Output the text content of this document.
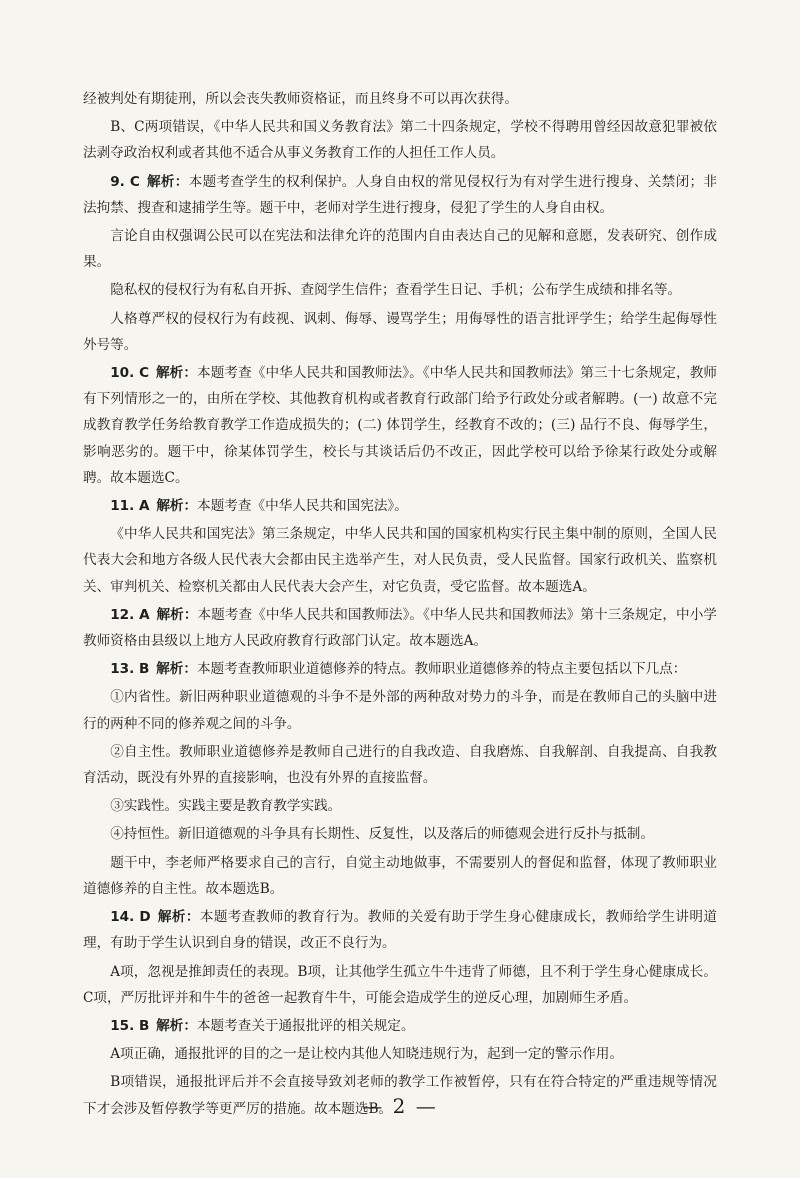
经被判处有期徒刑，所以会丧失教师资格证，而且终身不可以再次获得。

B、C两项错误，《中华人民共和国义务教育法》第二十四条规定，学校不得聘用曾经因故意犯罪被依法剥夺政治权利或者其他不适合从事义务教育工作的人担任工作人员。

9. C  解析：本题考查学生的权利保护。人身自由权的常见侵权行为有对学生进行搜身、关禁闭；非法拘禁、搜查和逮捕学生等。题干中，老师对学生进行搜身，侵犯了学生的人身自由权。

言论自由权强调公民可以在宪法和法律允许的范围内自由表达自己的见解和意愿，发表研究、创作成果。

隐私权的侵权行为有私自开拆、查阅学生信件；查看学生日记、手机；公布学生成绩和排名等。

人格尊严权的侵权行为有歧视、讽刺、侮辱、谩骂学生；用侮辱性的语言批评学生；给学生起侮辱性外号等。

10. C  解析：本题考查《中华人民共和国教师法》。《中华人民共和国教师法》第三十七条规定，教师有下列情形之一的，由所在学校、其他教育机构或者教育行政部门给予行政处分或者解聘。(一) 故意不完成教育教学任务给教育教学工作造成损失的；(二) 体罚学生，经教育不改的；(三) 品行不良、侮辱学生，影响恶劣的。题干中，徐某体罚学生，校长与其谈话后仍不改正，因此学校可以给予徐某行政处分或解聘。故本题选C。

11. A  解析：本题考查《中华人民共和国宪法》。

《中华人民共和国宪法》第三条规定，中华人民共和国的国家机构实行民主集中制的原则，全国人民代表大会和地方各级人民代表大会都由民主选举产生，对人民负责，受人民监督。国家行政机关、监察机关、审判机关、检察机关都由人民代表大会产生，对它负责，受它监督。故本题选A。

12. A  解析：本题考查《中华人民共和国教师法》。《中华人民共和国教师法》第十三条规定，中小学教师资格由县级以上地方人民政府教育行政部门认定。故本题选A。

13. B  解析：本题考查教师职业道德修养的特点。教师职业道德修养的特点主要包括以下几点：

①内省性。新旧两种职业道德观的斗争不是外部的两种敌对势力的斗争，而是在教师自己的头脑中进行的两种不同的修养观之间的斗争。

②自主性。教师职业道德修养是教师自己进行的自我改造、自我磨炼、自我解剖、自我提高、自我教育活动，既没有外界的直接影响，也没有外界的直接监督。

③实践性。实践主要是教育教学实践。

④持恒性。新旧道德观的斗争具有长期性、反复性，以及落后的师德观会进行反扑与抵制。

题干中，李老师严格要求自己的言行，自觉主动地做事，不需要别人的督促和监督，体现了教师职业道德修养的自主性。故本题选B。

14. D  解析：本题考查教师的教育行为。教师的关爱有助于学生身心健康成长，教师给学生讲明道理，有助于学生认识到自身的错误，改正不良行为。

A项，忽视是推卸责任的表现。B项，让其他学生孤立牛牛违背了师德，且不利于学生身心健康成长。C项，严厉批评并和牛牛的爸爸一起教育牛牛，可能会造成学生的逆反心理，加剧师生矛盾。

15. B  解析：本题考查关于通报批评的相关规定。

A项正确，通报批评的目的之一是让校内其他人知晓违规行为，起到一定的警示作用。

B项错误，通报批评后并不会直接导致刘老师的教学工作被暂停，只有在符合特定的严重违规等情况下才会涉及暂停教学等更严厉的措施。故本题选B。

— 2 —
